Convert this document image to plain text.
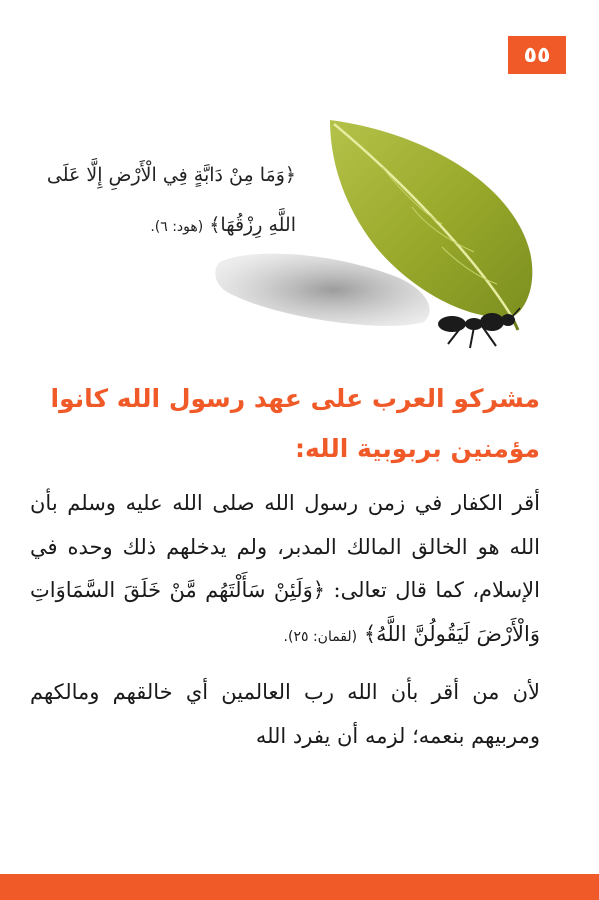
٥٥
﴿وَمَا مِنْ دَابَّةٍ فِي الْأَرْضِ إِلَّا عَلَى اللَّهِ رِزْقُهَا﴾ (هود: ٦).
مشركو العرب على عهد رسول الله كانوا مؤمنين بربوبية الله:

أقر الكفار في زمن رسول الله صلى الله عليه وسلم بأن الله هو الخالق المالك المدبر، ولم يدخلهم ذلك وحده في الإسلام، كما قال تعالى: ﴿وَلَئِنْ سَأَلْتَهُم مَّنْ خَلَقَ السَّمَاوَاتِ وَالْأَرْضَ لَيَقُولُنَّ اللَّهُ﴾ (لقمان: ٢٥).

لأن من أقر بأن الله رب العالمين أي خالقهم ومالكهم ومربيهم بنعمه؛ لزمه أن يفرد الله
